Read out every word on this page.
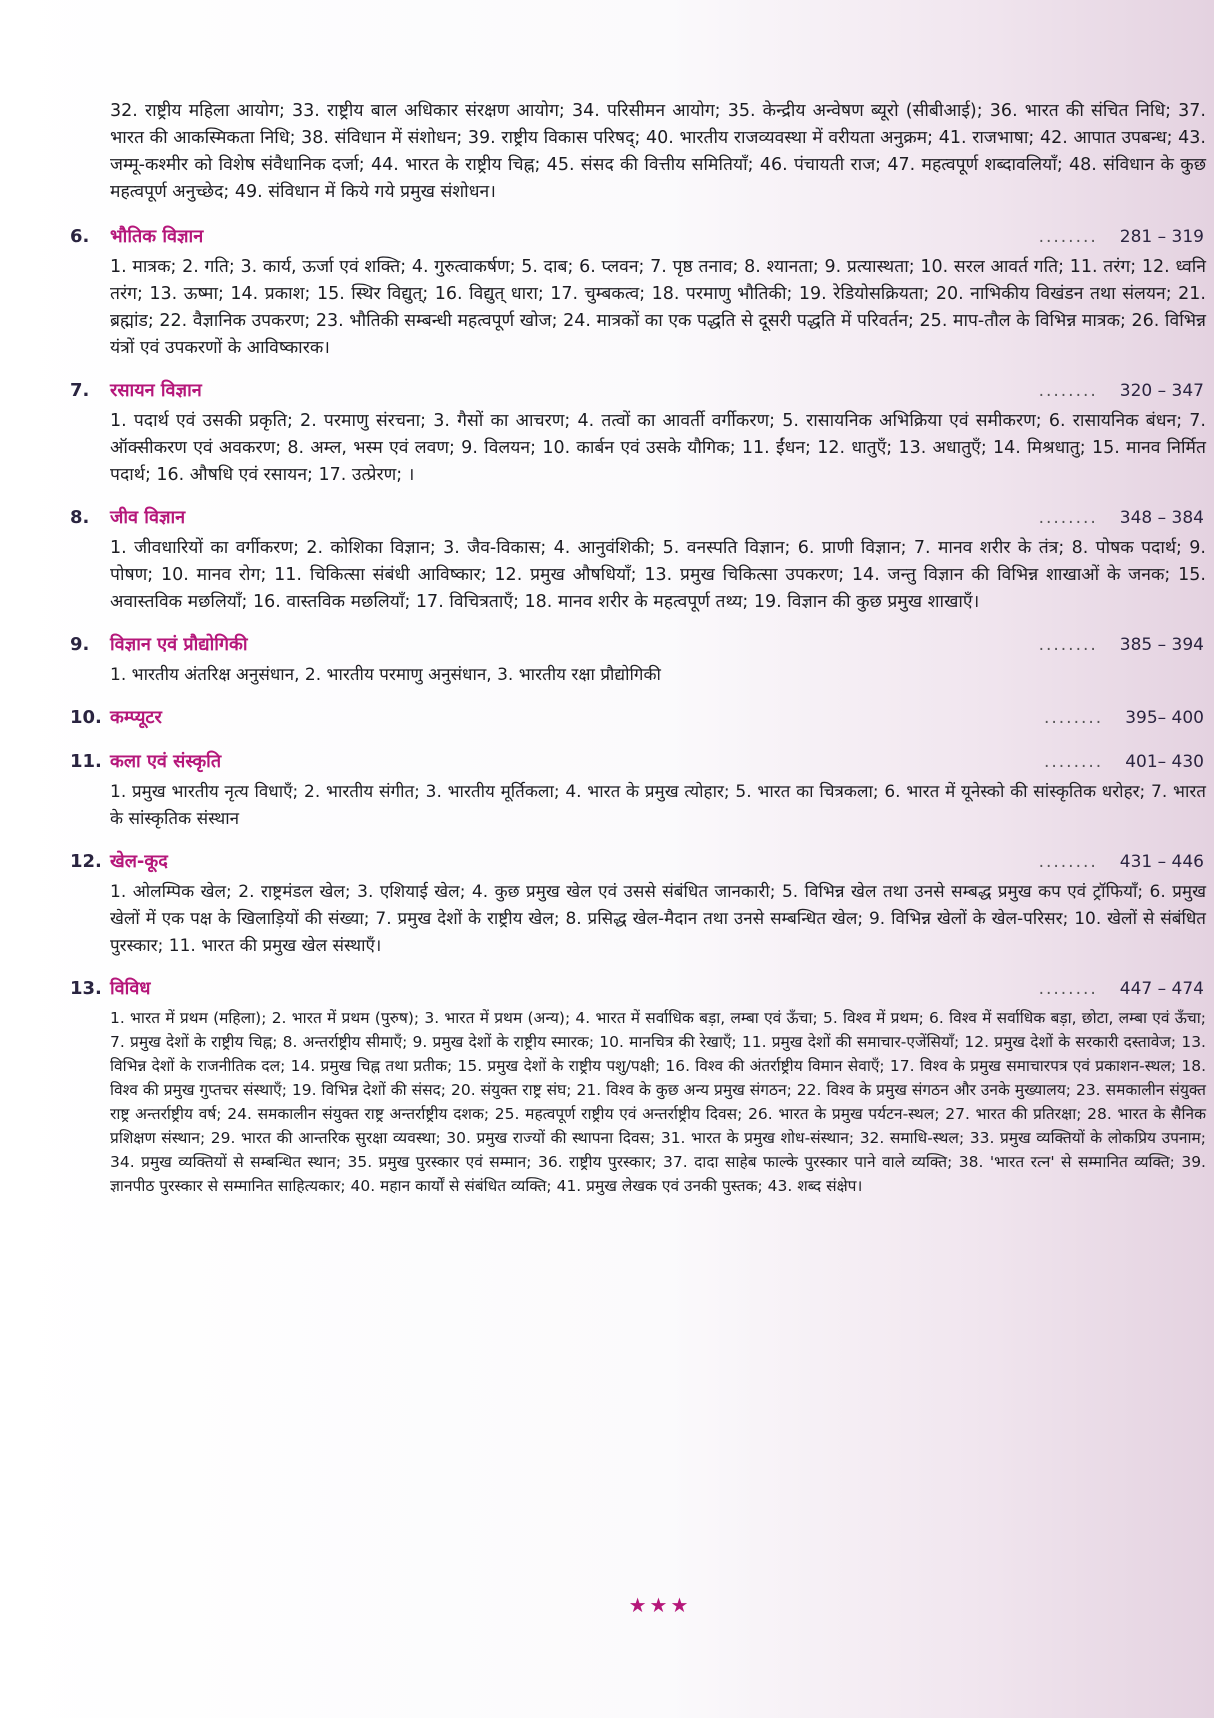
32. राष्ट्रीय महिला आयोग; 33. राष्ट्रीय बाल अधिकार संरक्षण आयोग; 34. परिसीमन आयोग; 35. केन्द्रीय अन्वेषण ब्यूरो (सीबीआई); 36. भारत की संचित निधि; 37. भारत की आकस्मिकता निधि; 38. संविधान में संशोधन; 39. राष्ट्रीय विकास परिषद्; 40. भारतीय राजव्यवस्था में वरीयता अनुक्रम; 41. राजभाषा; 42. आपात उपबन्ध; 43. जम्मू-कश्मीर को विशेष संवैधानिक दर्जा; 44. भारत के राष्ट्रीय चिह्न; 45. संसद की वित्तीय समितियाँ; 46. पंचायती राज; 47. महत्वपूर्ण शब्दावलियाँ; 48. संविधान के कुछ महत्वपूर्ण अनुच्छेद; 49. संविधान में किये गये प्रमुख संशोधन।

6.	भौतिक विज्ञान	........ 281 – 319

1. मात्रक; 2. गति; 3. कार्य, ऊर्जा एवं शक्ति; 4. गुरुत्वाकर्षण; 5. दाब; 6. प्लवन; 7. पृष्ठ तनाव; 8. श्यानता; 9. प्रत्यास्थता; 10. सरल आवर्त गति; 11. तरंग; 12. ध्वनि तरंग; 13. ऊष्मा; 14. प्रकाश; 15. स्थिर विद्युत्; 16. विद्युत् धारा; 17. चुम्बकत्व; 18. परमाणु भौतिकी; 19. रेडियोसक्रियता; 20. नाभिकीय विखंडन तथा संलयन; 21. ब्रह्मांड; 22. वैज्ञानिक उपकरण; 23. भौतिकी सम्बन्धी महत्वपूर्ण खोज; 24. मात्रकों का एक पद्धति से दूसरी पद्धति में परिवर्तन; 25. माप-तौल के विभिन्न मात्रक; 26. विभिन्न यंत्रों एवं उपकरणों के आविष्कारक।

7.	रसायन विज्ञान	........ 320 – 347

1. पदार्थ एवं उसकी प्रकृति; 2. परमाणु संरचना; 3. गैसों का आचरण; 4. तत्वों का आवर्ती वर्गीकरण; 5. रासायनिक अभिक्रिया एवं समीकरण; 6. रासायनिक बंधन; 7. ऑक्सीकरण एवं अवकरण; 8. अम्ल, भस्म एवं लवण; 9. विलयन; 10. कार्बन एवं उसके यौगिक; 11. ईंधन; 12. धातुएँ; 13. अधातुएँ; 14. मिश्रधातु; 15. मानव निर्मित पदार्थ; 16. औषधि एवं रसायन; 17. उत्प्रेरण; ।

8.	जीव विज्ञान	........ 348 – 384

1. जीवधारियों का वर्गीकरण; 2. कोशिका विज्ञान; 3. जैव-विकास; 4. आनुवंशिकी; 5. वनस्पति विज्ञान; 6. प्राणी विज्ञान; 7. मानव शरीर के तंत्र; 8. पोषक पदार्थ; 9. पोषण; 10. मानव रोग; 11. चिकित्सा संबंधी आविष्कार; 12. प्रमुख औषधियाँ; 13. प्रमुख चिकित्सा उपकरण; 14. जन्तु विज्ञान की विभिन्न शाखाओं के जनक; 15. अवास्तविक मछलियाँ; 16. वास्तविक मछलियाँ; 17. विचित्रताएँ; 18. मानव शरीर के महत्वपूर्ण तथ्य; 19. विज्ञान की कुछ प्रमुख शाखाएँ।

9.	विज्ञान एवं प्रौद्योगिकी	........ 385 – 394

1. भारतीय अंतरिक्ष अनुसंधान, 2. भारतीय परमाणु अनुसंधान, 3. भारतीय रक्षा प्रौद्योगिकी

10. कम्प्यूटर	........ 395– 400
11. कला एवं संस्कृति	........ 401– 430

1. प्रमुख भारतीय नृत्य विधाएँ; 2. भारतीय संगीत; 3. भारतीय मूर्तिकला; 4. भारत के प्रमुख त्योहार; 5. भारत का चित्रकला; 6. भारत में यूनेस्को की सांस्कृतिक धरोहर; 7. भारत के सांस्कृतिक संस्थान

12. खेल-कूद	........ 431 – 446

1. ओलम्पिक खेल; 2. राष्ट्रमंडल खेल; 3. एशियाई खेल; 4. कुछ प्रमुख खेल एवं उससे संबंधित जानकारी; 5. विभिन्न खेल तथा उनसे सम्बद्ध प्रमुख कप एवं ट्रॉफियाँ; 6. प्रमुख खेलों में एक पक्ष के खिलाड़ियों की संख्या; 7. प्रमुख देशों के राष्ट्रीय खेल; 8. प्रसिद्ध खेल-मैदान तथा उनसे सम्बन्धित खेल; 9. विभिन्न खेलों के खेल-परिसर; 10. खेलों से संबंधित पुरस्कार; 11. भारत की प्रमुख खेल संस्थाएँ।

13. विविध	........ 447 – 474

1. भारत में प्रथम (महिला); 2. भारत में प्रथम (पुरुष); 3. भारत में प्रथम (अन्य); 4. भारत में सर्वाधिक बड़ा, लम्बा एवं ऊँचा; 5. विश्व में प्रथम; 6. विश्व में सर्वाधिक बड़ा, छोटा, लम्बा एवं ऊँचा; 7. प्रमुख देशों के राष्ट्रीय चिह्न; 8. अन्तर्राष्ट्रीय सीमाएँ; 9. प्रमुख देशों के राष्ट्रीय स्मारक; 10. मानचित्र की रेखाएँ; 11. प्रमुख देशों की समाचार-एजेंसियाँ; 12. प्रमुख देशों के सरकारी दस्तावेज; 13. विभिन्न देशों के राजनीतिक दल; 14. प्रमुख चिह्न तथा प्रतीक; 15. प्रमुख देशों के राष्ट्रीय पशु/पक्षी; 16. विश्व की अंतर्राष्ट्रीय विमान सेवाएँ; 17. विश्व के प्रमुख समाचारपत्र एवं प्रकाशन-स्थल; 18. विश्व की प्रमुख गुप्तचर संस्थाएँ; 19. विभिन्न देशों की संसद; 20. संयुक्त राष्ट्र संघ; 21. विश्व के कुछ अन्य प्रमुख संगठन; 22. विश्व के प्रमुख संगठन और उनके मुख्यालय; 23. समकालीन संयुक्त राष्ट्र अन्तर्राष्ट्रीय वर्ष; 24. समकालीन संयुक्त राष्ट्र अन्तर्राष्ट्रीय दशक; 25. महत्वपूर्ण राष्ट्रीय एवं अन्तर्राष्ट्रीय दिवस; 26. भारत के प्रमुख पर्यटन-स्थल; 27. भारत की प्रतिरक्षा; 28. भारत के सैनिक प्रशिक्षण संस्थान; 29. भारत की आन्तरिक सुरक्षा व्यवस्था; 30. प्रमुख राज्यों की स्थापना दिवस; 31. भारत के प्रमुख शोध-संस्थान; 32. समाधि-स्थल; 33. प्रमुख व्यक्तियों के लोकप्रिय उपनाम; 34. प्रमुख व्यक्तियों से सम्बन्धित स्थान; 35. प्रमुख पुरस्कार एवं सम्मान; 36. राष्ट्रीय पुरस्कार; 37. दादा साहेब फाल्के पुरस्कार पाने वाले व्यक्ति; 38. 'भारत रत्न' से सम्मानित व्यक्ति; 39. ज्ञानपीठ पुरस्कार से सम्मानित साहित्यकार; 40. महान कार्यों से संबंधित व्यक्ति; 41. प्रमुख लेखक एवं उनकी पुस्तक; 43. शब्द संक्षेप।

★★★
